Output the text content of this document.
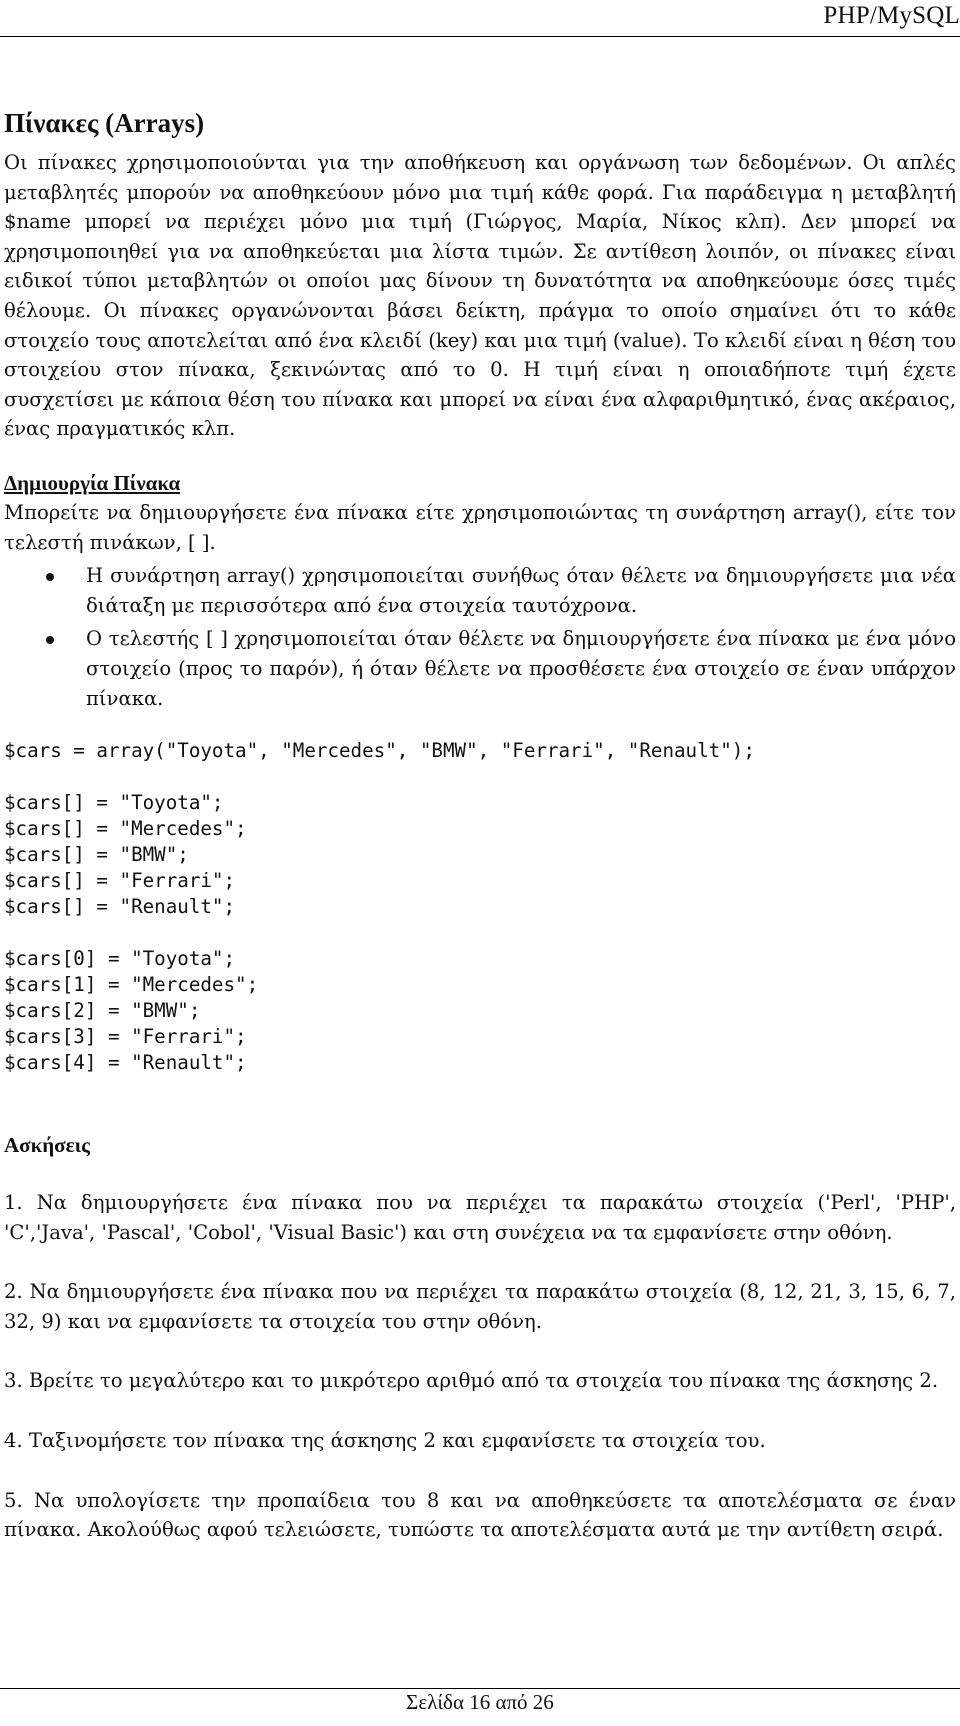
PHP/MySQL
Πίνακες (Arrays)

Οι πίνακες χρησιμοποιούνται για την αποθήκευση και οργάνωση των δεδομένων. Οι απλές μεταβλητές μπορούν να αποθηκεύουν μόνο μια τιμή κάθε φορά. Για παράδειγμα η μεταβλητή $name μπορεί να περιέχει μόνο μια τιμή (Γιώργος, Μαρία, Νίκος κλπ). Δεν μπορεί να χρησιμοποιηθεί για να αποθηκεύεται μια λίστα τιμών. Σε αντίθεση λοιπόν, οι πίνακες είναι ειδικοί τύποι μεταβλητών οι οποίοι μας δίνουν τη δυνατότητα να αποθηκεύουμε όσες τιμές θέλουμε. Οι πίνακες οργανώνονται βάσει δείκτη, πράγμα το οποίο σημαίνει ότι το κάθε στοιχείο τους αποτελείται από ένα κλειδί (key) και μια τιμή (value). Το κλειδί είναι η θέση του στοιχείου στον πίνακα, ξεκινώντας από το 0. Η τιμή είναι η οποιαδήποτε τιμή έχετε συσχετίσει με κάποια θέση του πίνακα και μπορεί να είναι ένα αλφαριθμητικό, ένας ακέραιος, ένας πραγματικός κλπ.

Δημιουργία Πίνακα

Μπορείτε να δημιουργήσετε ένα πίνακα είτε χρησιμοποιώντας τη συνάρτηση array(), είτε τον τελεστή πινάκων, [ ].

Η συνάρτηση array() χρησιμοποιείται συνήθως όταν θέλετε να δημιουργήσετε μια νέα διάταξη με περισσότερα από ένα στοιχεία ταυτόχρονα.
Ο τελεστής [ ] χρησιμοποιείται όταν θέλετε να δημιουργήσετε ένα πίνακα με ένα μόνο στοιχείο (προς το παρόν), ή όταν θέλετε να προσθέσετε ένα στοιχείο σε έναν υπάρχον πίνακα.
$cars = array("Toyota", "Mercedes", "BMW", "Ferrari", "Renault");
$cars[] = "Toyota";
$cars[] = "Mercedes";
$cars[] = "BMW";
$cars[] = "Ferrari";
$cars[] = "Renault";
$cars[0] = "Toyota";
$cars[1] = "Mercedes";
$cars[2] = "BMW";
$cars[3] = "Ferrari";
$cars[4] = "Renault";
Ασκήσεις

1. Να δημιουργήσετε ένα πίνακα που να περιέχει τα παρακάτω στοιχεία ('Perl', 'PHP', 'C','Java', 'Pascal', 'Cobol', 'Visual Basic') και στη συνέχεια να τα εμφανίσετε στην οθόνη.

2. Να δημιουργήσετε ένα πίνακα που να περιέχει τα παρακάτω στοιχεία (8, 12, 21, 3, 15, 6, 7, 32, 9) και να εμφανίσετε τα στοιχεία του στην οθόνη.

3. Βρείτε το μεγαλύτερο και το μικρότερο αριθμό από τα στοιχεία του πίνακα της άσκησης 2.

4. Ταξινομήσετε τον πίνακα της άσκησης 2 και εμφανίσετε τα στοιχεία του.

5. Να υπολογίσετε την προπαίδεια του 8 και να αποθηκεύσετε τα αποτελέσματα σε έναν πίνακα. Ακολούθως αφού τελειώσετε, τυπώστε τα αποτελέσματα αυτά με την αντίθετη σειρά.

Σελίδα 16 από 26
